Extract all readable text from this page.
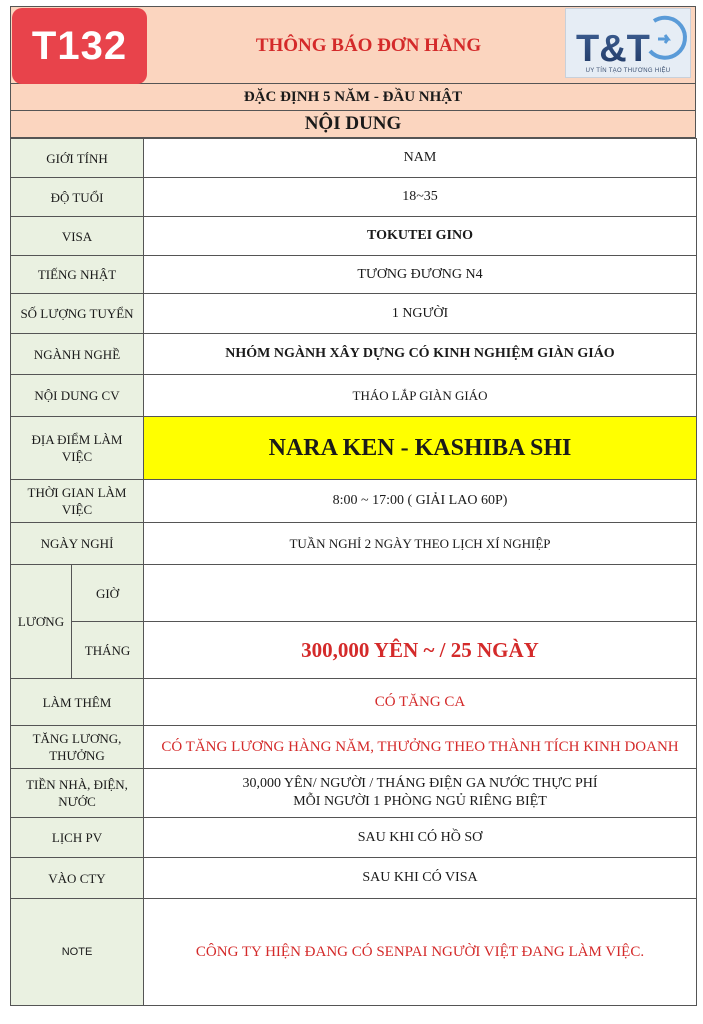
THÔNG BÁO ĐƠN HÀNG
T132	T&T
UY TÍN TẠO THƯƠNG HIỆU
ĐẶC ĐỊNH 5 NĂM - ĐẦU NHẬT
NỘI DUNG
GIỚI TÍNH		NAM
ĐỘ TUỔI		18~35
VISA		TOKUTEI GINO
TIẾNG NHẬT		TƯƠNG ĐƯƠNG N4
SỐ LƯỢNG TUYỂN		1 NGƯỜI
NGÀNH NGHỀ		NHÓM NGÀNH XÂY DỰNG CÓ KINH NGHIỆM GIÀN GIÁO
NỘI DUNG CV		THÁO LẮP GIÀN GIÁO
ĐỊA ĐIỂM LÀM VIỆC		NARA KEN - KASHIBA SHI
THỜI GIAN LÀM VIỆC		8:00 ~ 17:00 ( GIẢI LAO 60P)
NGÀY NGHỈ		TUẦN NGHỈ 2 NGÀY THEO LỊCH XÍ NGHIỆP
LƯƠNG	GIỜ	
	THÁNG	300,000 YÊN ~ / 25 NGÀY
LÀM THÊM		CÓ TĂNG CA
TĂNG LƯƠNG, THƯỞNG		CÓ TĂNG LƯƠNG HÀNG NĂM, THƯỞNG THEO THÀNH TÍCH KINH DOANH
TIỀN NHÀ, ĐIỆN, NƯỚC		30,000 YÊN/ NGƯỜI / THÁNG ĐIỆN GA NƯỚC THỰC PHÍ
MỖI NGƯỜI 1 PHÒNG NGỦ RIÊNG BIỆT

LỊCH PV		SAU KHI CÓ HỒ SƠ
VÀO CTY		SAU KHI CÓ VISA
NOTE		CÔNG TY HIỆN ĐANG CÓ SENPAI NGƯỜI VIỆT ĐANG LÀM VIỆC.
